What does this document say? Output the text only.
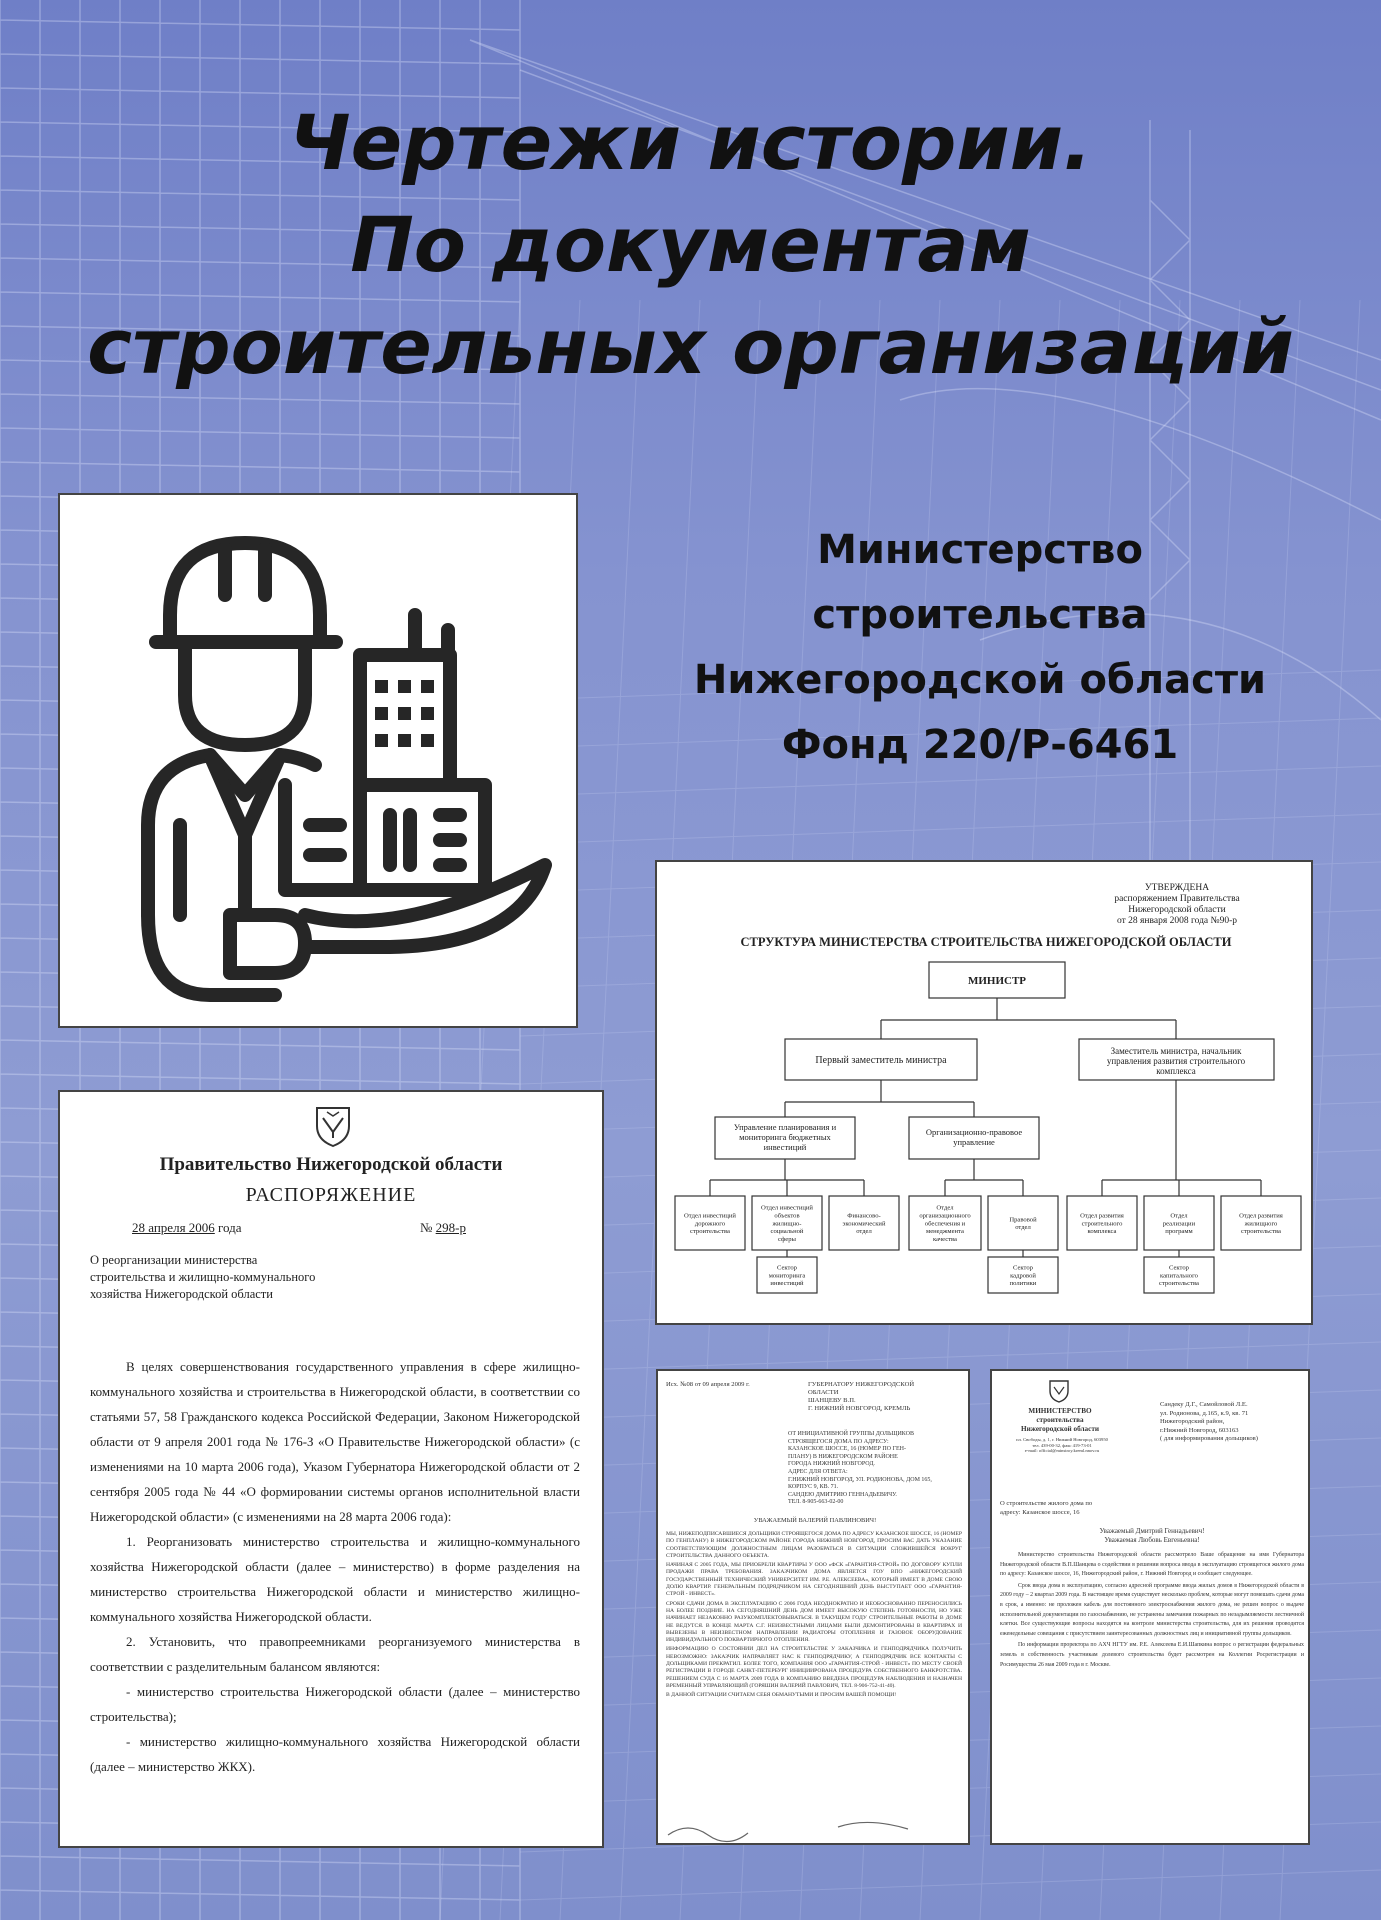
Чертежи истории.
По документам
строительных организаций
Министерство
строительства
Нижегородской области
Фонд 220/Р-6461
Правительство Нижегородской области
РАСПОРЯЖЕНИЕ
28 апреля 2006 года	№ 298-р
О реорганизации министерства строительства и жилищно-коммунального хозяйства Нижегородской области

В целях совершенствования государственного управления в сфере жилищно-коммунального хозяйства и строительства в Нижегородской области, в соответствии со статьями 57, 58 Гражданского кодекса Российской Федерации, Законом Нижегородской области от 9 апреля 2001 года № 176-З «О Правительстве Нижегородской области» (с изменениями на 10 марта 2006 года), Указом Губернатора Нижегородской области от 2 сентября 2005 года № 44 «О формировании системы органов исполнительной власти Нижегородской области» (с изменениями на 28 марта 2006 года):

1. Реорганизовать министерство строительства и жилищно-коммунального хозяйства Нижегородской области (далее – министерство) в форме разделения на министерство строительства Нижегородской области и министерство жилищно-коммунального хозяйства Нижегородской области.

2. Установить, что правопреемниками реорганизуемого министерства в соответствии с разделительным балансом являются:

- министерство строительства Нижегородской области (далее – министерство строительства);

- министерство жилищно-коммунального хозяйства Нижегородской области (далее – министерство ЖКХ).

УТВЕРЖДЕНА
распоряжением Правительства
Нижегородской области
от 28 января 2008 года №90-р
СТРУКТУРА МИНИСТЕРСТВА СТРОИТЕЛЬСТВА НИЖЕГОРОДСКОЙ ОБЛАСТИ
МИНИСТР
Первый заместитель министра
Заместитель министра, начальник
управления развития строительного
комплекса
Управление планирования и
мониторинга бюджетных
инвестиций
Организационно-правовое
управление
Отдел инвестиций
дорожного
строительства
Отдел инвестиций
объектов
жилищно-
социальной
сферы
Финансово-
экономический
отдел
Отдел
организационного
обеспечения и
менеджмента
качества
Правовой
отдел
Отдел развития
строительного
комплекса
Отдел
реализации
программ
Отдел развития
жилищного
строительства
Сектор
мониторинга
инвестиций
Сектор
кадровой
политики
Сектор
капитального
строительства
Исх. №08 от 09 апреля 2009 г.	ГУБЕРНАТОРУ НИЖЕГОРОДСКОЙ
ОБЛАСТИ
ШАНЦЕВУ В.П.
Г. НИЖНИЙ НОВГОРОД, КРЕМЛЬ
ОТ ИНИЦИАТИВНОЙ ГРУППЫ ДОЛЬЩИКОВ
СТРОЯЩЕГОСЯ ДОМА ПО АДРЕСУ:
КАЗАНСКОЕ ШОССЕ, 16 (НОМЕР ПО ГЕН-
ПЛАНУ) В НИЖЕГОРОДСКОМ РАЙОНЕ
ГОРОДА НИЖНИЙ НОВГОРОД.
АДРЕС ДЛЯ ОТВЕТА:
Г.НИЖНИЙ НОВГОРОД, УЛ. РОДИОНОВА, ДОМ 165,
КОРПУС 9, КВ. 71.
САНДЕЮ ДМИТРИЮ ГЕННАДЬЕВИЧУ.
ТЕЛ. 8-905-663-02-00
УВАЖАЕМЫЙ ВАЛЕРИЙ ПАВЛИНОВИЧ!

МЫ, НИЖЕПОДПИСАВШИЕСЯ ДОЛЬЩИКИ СТРОЯЩЕГОСЯ ДОМА ПО АДРЕСУ КАЗАНСКОЕ ШОССЕ, 16 (НОМЕР ПО ГЕНПЛАНУ) В НИЖЕГОРОДСКОМ РАЙОНЕ ГОРОДА НИЖНИЙ НОВГОРОД, ПРОСИМ ВАС ДАТЬ УКАЗАНИЕ СООТВЕТСТВУЮЩИМ ДОЛЖНОСТНЫМ ЛИЦАМ РАЗОБРАТЬСЯ В СИТУАЦИИ СЛОЖИВШЕЙСЯ ВОКРУГ СТРОИТЕЛЬСТВА ДАННОГО ОБЪЕКТА.

НАЧИНАЯ С 2005 ГОДА, МЫ ПРИОБРЕЛИ КВАРТИРЫ У ООО «ФСК «ГАРАНТИЯ-СТРОЙ» ПО ДОГОВОРУ КУПЛИ ПРОДАЖИ ПРАВА ТРЕБОВАНИЯ. ЗАКАЗЧИКОМ ДОМА ЯВЛЯЕТСЯ ГОУ ВПО «НИЖЕГОРОДСКИЙ ГОСУДАРСТВЕННЫЙ ТЕХНИЧЕСКИЙ УНИВЕРСИТЕТ ИМ. Р.Е. АЛЕКСЕЕВА», КОТОРЫЙ ИМЕЕТ В ДОМЕ СВОЮ ДОЛЮ КВАРТИР. ГЕНЕРАЛЬНЫМ ПОДРЯДЧИКОМ НА СЕГОДНЯШНИЙ ДЕНЬ ВЫСТУПАЕТ ООО «ГАРАНТИЯ-СТРОЙ - ИНВЕСТ».

СРОКИ СДАЧИ ДОМА В ЭКСПЛУАТАЦИЮ С 2006 ГОДА НЕОДНОКРАТНО И НЕОБОСНОВАННО ПЕРЕНОСИЛИСЬ НА БОЛЕЕ ПОЗДНИЕ. НА СЕГОДНЯШНИЙ ДЕНЬ ДОМ ИМЕЕТ ВЫСОКУЮ СТЕПЕНЬ ГОТОВНОСТИ, НО УЖЕ НАЧИНАЕТ НЕЗАКОННО РАЗУКОМПЛЕКТОВЫВАТЬСЯ. В ТАКУЩЕМ ГОДУ СТРОИТЕЛЬНЫЕ РАБОТЫ В ДОМЕ НЕ ВЕДУТСЯ. В КОНЦЕ МАРТА С.Г. НЕИЗВЕСТНЫМИ ЛИЦАМИ БЫЛИ ДЕМОНТИРОВАНЫ В КВАРТИРАХ И ВЫВЕЗЕНЫ В НЕИЗВЕСТНОМ НАПРАВЛЕНИИ РАДИАТОРЫ ОТОПЛЕНИЯ И ГАЗОВОЕ ОБОРУДОВАНИЕ ИНДИВИДУАЛЬНОГО ПОКВАРТИРНОГО ОТОПЛЕНИЯ.

ИНФОРМАЦИЮ О СОСТОЯНИИ ДЕЛ НА СТРОИТЕЛЬСТВЕ У ЗАКАЗЧИКА И ГЕНПОДРЯДЧИКА ПОЛУЧИТЬ НЕВОЗМОЖНО: ЗАКАЗЧИК НАПРАВЛЯЕТ НАС К ГЕНПОДРЯДЧИКУ, А ГЕНПОДРЯДЧИК ВСЕ КОНТАКТЫ С ДОЛЬЩИКАМИ ПРЕКРАТИЛ. БОЛЕЕ ТОГО, КОМПАНИЯ ООО «ГАРАНТИЯ-СТРОЙ - ИНВЕСТ» ПО МЕСТУ СВОЕЙ РЕГИСТРАЦИИ В ГОРОДЕ САНКТ-ПЕТЕРБУРГ ИНИЦИИРОВАНА ПРОЦЕДУРА СОБСТВЕННОГО БАНКРОТСТВА. РЕШЕНИЕМ СУДА С 16 МАРТА 2009 ГОДА В КОМПАНИЮ ВВЕДЕНА ПРОЦЕДУРА НАБЛЮДЕНИЯ И НАЗНАЧЕН ВРЕМЕННЫЙ УПРАВЛЯЮЩИЙ (ГОРЯШИН ВАЛЕРИЙ ПАВЛОВИЧ, ТЕЛ. 8-906-752-41-40).

В ДАННОЙ СИТУАЦИИ СЧИТАЕМ СЕБЯ ОБМАНУТЫМИ И ПРОСИМ ВАШЕЙ ПОМОЩИ!

МИНИСТЕРСТВО
строительства
Нижегородской области
пл. Свободы, д. 1, г. Нижний Новгород, 603950
тел. 439-00-32, факс 419-73-01
e-mail: official@minstroy.kreml.nnov.ru
Сандеку Д.Г., Самойловой Л.Е.
ул. Родионова, д.165, к.9, кв. 71
Нижегородский район,
г.Нижний Новгород, 603163
( для информирования дольщиков)
О строительстве жилого дома по
адресу: Казанское шоссе, 16
Уважаемый Дмитрий Геннадьевич!
Уважаемая Любовь Евгеньевна!

Министерство строительства Нижегородской области рассмотрело Ваше обращение на имя Губернатора Нижегородской области В.П.Шанцева о содействии в решении вопроса ввода в эксплуатацию строящегося жилого дома по адресу: Казанское шоссе, 16, Нижегородский район, г. Нижний Новгород и сообщает следующее.

Срок ввода дома в эксплуатацию, согласно адресной программе ввода жилых домов в Нижегородской области в 2009 году – 2 квартал 2009 года. В настоящее время существует несколько проблем, которые могут помешать сдачи дома в срок, а именно: не проложен кабель для постоянного электроснабжения жилого дома, не решен вопрос о выдаче исполнительной документации по газоснабжению, не устранены замечания пожарных по незадымляемости лестничной клетки. Все существующие вопросы находятся на контроле министерства строительства, для их решения проводятся еженедельные совещания с присутствием заинтересованных должностных лиц и инициативной группы дольщиков.

По информации проректора по АХЧ НГТУ им. Р.Е. Алексеева Е.И.Шапкина вопрос о регистрации федеральных земель в собственность участникам долевого строительства будет рассмотрен на Коллегии Росрегистрации и Росимущества 26 мая 2009 года в г. Москве.
